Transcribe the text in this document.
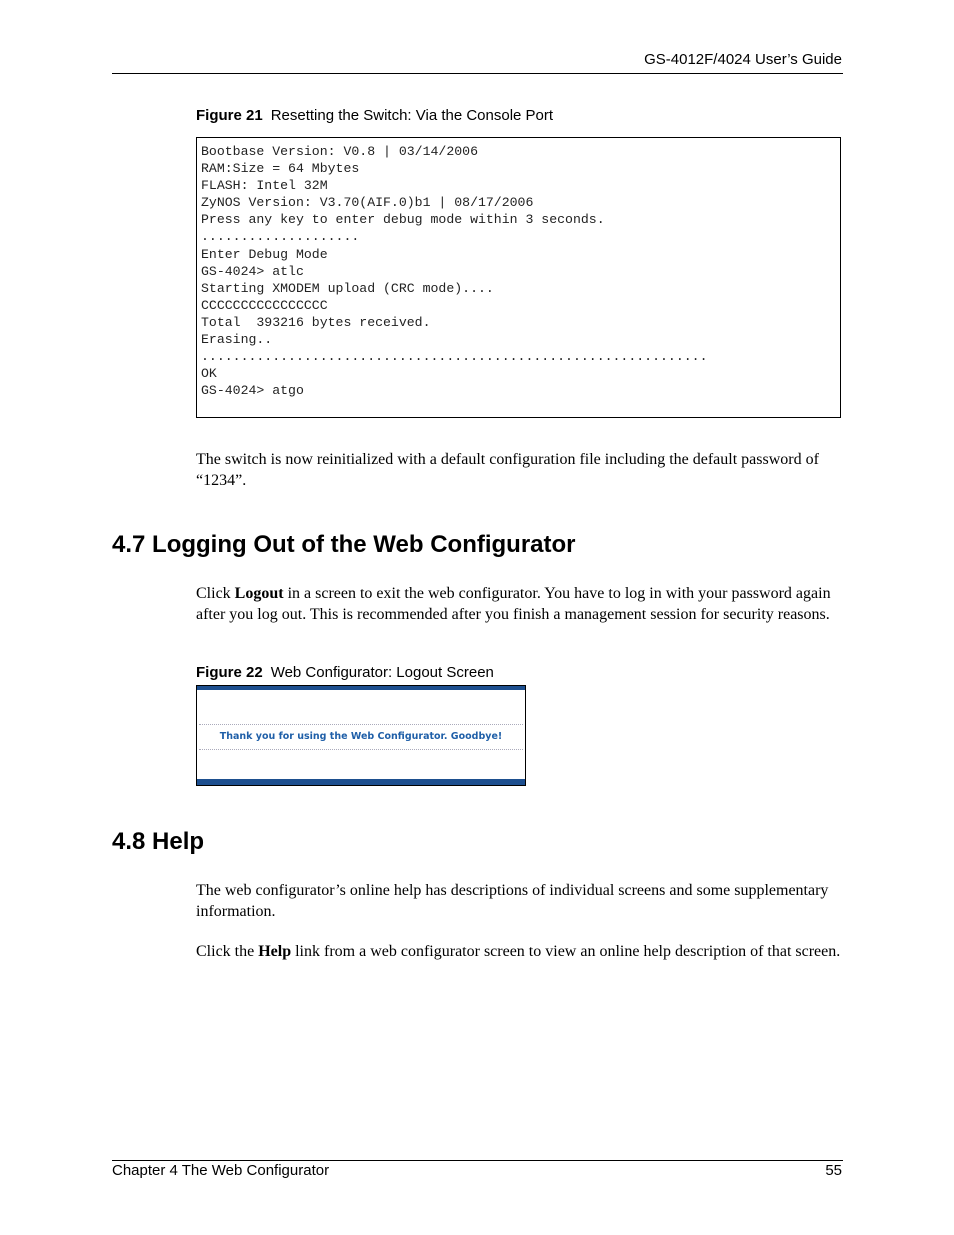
GS-4012F/4024 User’s Guide
Figure 21 Resetting the Switch: Via the Console Port
Bootbase Version: V0.8 | 03/14/2006
RAM:Size = 64 Mbytes
FLASH: Intel 32M
ZyNOS Version: V3.70(AIF.0)b1 | 08/17/2006
Press any key to enter debug mode within 3 seconds.
....................
Enter Debug Mode
GS-4024> atlc
Starting XMODEM upload (CRC mode)....
CCCCCCCCCCCCCCCC
Total  393216 bytes received.
Erasing..
................................................................
OK
GS-4024> atgo
The switch is now reinitialized with a default configuration file including the default password of “1234”.
4.7 Logging Out of the Web Configurator
Click Logout in a screen to exit the web configurator. You have to log in with your password again after you log out. This is recommended after you finish a management session for security reasons.
Figure 22 Web Configurator: Logout Screen
Thank you for using the Web Configurator. Goodbye!
4.8 Help
The web configurator’s online help has descriptions of individual screens and some supplementary information.
Click the Help link from a web configurator screen to view an online help description of that screen.
Chapter 4 The Web Configurator	55
